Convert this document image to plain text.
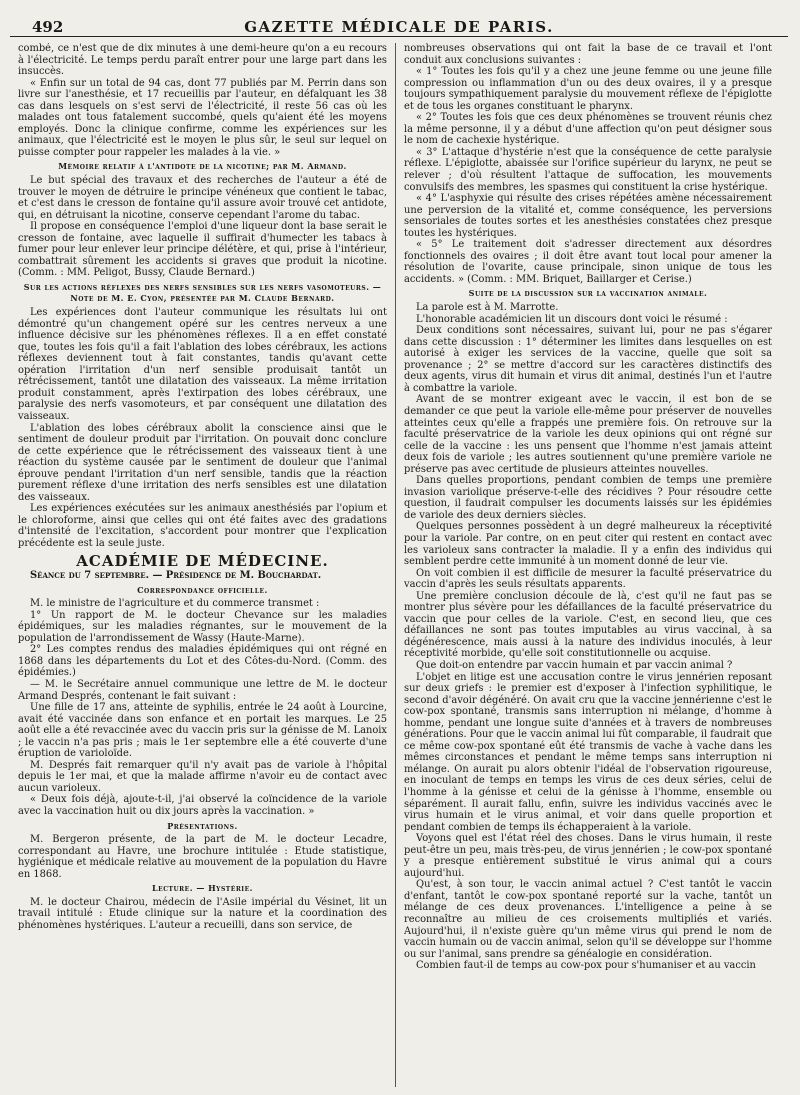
492	GAZETTE MÉDICALE DE PARIS.

combé, ce n'est que de dix minutes à une demi-heure qu'on a eu recours à l'électricité. Le temps perdu paraît entrer pour une large part dans les insuccès.

« Enfin sur un total de 94 cas, dont 77 publiés par M. Perrin dans son livre sur l'anesthésie, et 17 recueillis par l'auteur, en défalquant les 38 cas dans lesquels on s'est servi de l'électricité, il reste 56 cas où les malades ont tous fatalement succombé, quels qu'aient été les moyens employés. Donc la clinique confirme, comme les expériences sur les animaux, que l'électricité est le moyen le plus sûr, le seul sur lequel on puisse compter pour rappeler les malades à la vie. »

Mémoire relatif à l'antidote de la nicotine; par M. Armand.

Le but spécial des travaux et des recherches de l'auteur a été de trouver le moyen de détruire le principe vénéneux que contient le tabac, et c'est dans le cresson de fontaine qu'il assure avoir trouvé cet antidote, qui, en détruisant la nicotine, conserve cependant l'arome du tabac.

Il propose en conséquence l'emploi d'une liqueur dont la base serait le cresson de fontaine, avec laquelle il suffirait d'humecter les tabacs à fumer pour leur enlever leur principe délétère, et qui, prise à l'intérieur, combattrait sûrement les accidents si graves que produit la nicotine. (Comm. : MM. Peligot, Bussy, Claude Bernard.)

Sur les actions réflexes des nerfs sensibles sur les nerfs vasomoteurs. — Note de M. E. Cyon, présentée par M. Claude Bernard.

Les expériences dont l'auteur communique les résultats lui ont démontré qu'un changement opéré sur les centres nerveux a une influence décisive sur les phénomènes réflexes. Il a en effet constaté que, toutes les fois qu'il a fait l'ablation des lobes cérébraux, les actions réflexes deviennent tout à fait constantes, tandis qu'avant cette opération l'irritation d'un nerf sensible produisait tantôt un rétrécissement, tantôt une dilatation des vaisseaux. La même irritation produit constamment, après l'extirpation des lobes cérébraux, une paralysie des nerfs vasomoteurs, et par conséquent une dilatation des vaisseaux.

L'ablation des lobes cérébraux abolit la conscience ainsi que le sentiment de douleur produit par l'irritation. On pouvait donc conclure de cette expérience que le rétrécissement des vaisseaux tient à une réaction du système causée par le sentiment de douleur que l'animal éprouve pendant l'irritation d'un nerf sensible, tandis que la réaction purement réflexe d'une irritation des nerfs sensibles est une dilatation des vaisseaux.

Les expériences exécutées sur les animaux anesthésiés par l'opium et le chloroforme, ainsi que celles qui ont été faites avec des gradations d'intensité de l'excitation, s'accordent pour montrer que l'explication précédente est la seule juste.

ACADÉMIE DE MÉDECINE.
Séance du 7 septembre. — Présidence de M. Bouchardat.
Correspondance officielle.

M. le ministre de l'agriculture et du commerce transmet :

1° Un rapport de M. le docteur Chevance sur les maladies épidémiques, sur les maladies régnantes, sur le mouvement de la population de l'arrondissement de Wassy (Haute-Marne).

2° Les comptes rendus des maladies épidémiques qui ont régné en 1868 dans les départements du Lot et des Côtes-du-Nord. (Comm. des épidémies.)

— M. le Secrétaire annuel communique une lettre de M. le docteur Armand Després, contenant le fait suivant :

Une fille de 17 ans, atteinte de syphilis, entrée le 24 août à Lourcine, avait été vaccinée dans son enfance et en portait les marques. Le 25 août elle a été revaccinée avec du vaccin pris sur la génisse de M. Lanoix ; le vaccin n'a pas pris ; mais le 1er septembre elle a été couverte d'une éruption de varioloïde.

M. Després fait remarquer qu'il n'y avait pas de variole à l'hôpital depuis le 1er mai, et que la malade affirme n'avoir eu de contact avec aucun varioleux.

« Deux fois déjà, ajoute-t-il, j'ai observé la coïncidence de la variole avec la vaccination huit ou dix jours après la vaccination. »

Présentations.

M. Bergeron présente, de la part de M. le docteur Lecadre, correspondant au Havre, une brochure intitulée : Etude statistique, hygiénique et médicale relative au mouvement de la population du Havre en 1868.

Lecture. — Hystérie.

M. le docteur Chairou, médecin de l'Asile impérial du Vésinet, lit un travail intitulé : Etude clinique sur la nature et la coordination des phénomènes hystériques. L'auteur a recueilli, dans son service, de

nombreuses observations qui ont fait la base de ce travail et l'ont conduit aux conclusions suivantes :

« 1° Toutes les fois qu'il y a chez une jeune femme ou une jeune fille compression ou inflammation d'un ou des deux ovaires, il y a presque toujours sympathiquement paralysie du mouvement réflexe de l'épiglotte et de tous les organes constituant le pharynx.

« 2° Toutes les fois que ces deux phénomènes se trouvent réunis chez la même personne, il y a début d'une affection qu'on peut désigner sous le nom de cachexie hystérique.

« 3° L'attaque d'hystérie n'est que la conséquence de cette paralysie réflexe. L'épiglotte, abaissée sur l'orifice supérieur du larynx, ne peut se relever ; d'où résultent l'attaque de suffocation, les mouvements convulsifs des membres, les spasmes qui constituent la crise hystérique.

« 4° L'asphyxie qui résulte des crises répétées amène nécessairement une perversion de la vitalité et, comme conséquence, les perversions sensoriales de toutes sortes et les anesthésies constatées chez presque toutes les hystériques.

« 5° Le traitement doit s'adresser directement aux désordres fonctionnels des ovaires ; il doit être avant tout local pour amener la résolution de l'ovarite, cause principale, sinon unique de tous les accidents. » (Comm. : MM. Briquet, Baillarger et Cerise.)

Suite de la discussion sur la vaccination animale.

La parole est à M. Marrotte.

L'honorable académicien lit un discours dont voici le résumé :

Deux conditions sont nécessaires, suivant lui, pour ne pas s'égarer dans cette discussion : 1° déterminer les limites dans lesquelles on est autorisé à exiger les services de la vaccine, quelle que soit sa provenance ; 2° se mettre d'accord sur les caractères distinctifs des deux agents, virus dit humain et virus dit animal, destinés l'un et l'autre à combattre la variole.

Avant de se montrer exigeant avec le vaccin, il est bon de se demander ce que peut la variole elle-même pour préserver de nouvelles atteintes ceux qu'elle a frappés une première fois. On retrouve sur la faculté préservatrice de la variole les deux opinions qui ont régné sur celle de la vaccine : les uns pensent que l'homme n'est jamais atteint deux fois de variole ; les autres soutiennent qu'une première variole ne préserve pas avec certitude de plusieurs atteintes nouvelles.

Dans quelles proportions, pendant combien de temps une première invasion variolique préserve-t-elle des récidives ? Pour résoudre cette question, il faudrait compulser les documents laissés sur les épidémies de variole des deux derniers siècles.

Quelques personnes possèdent à un degré malheureux la réceptivité pour la variole. Par contre, on en peut citer qui restent en contact avec les varioleux sans contracter la maladie. Il y a enfin des individus qui semblent perdre cette immunité à un moment donné de leur vie.

On voit combien il est difficile de mesurer la faculté préservatrice du vaccin d'après les seuls résultats apparents.

Une première conclusion découle de là, c'est qu'il ne faut pas se montrer plus sévère pour les défaillances de la faculté préservatrice du vaccin que pour celles de la variole. C'est, en second lieu, que ces défaillances ne sont pas toutes imputables au virus vaccinal, à sa dégénérescence, mais aussi à la nature des individus inoculés, à leur réceptivité morbide, qu'elle soit constitutionnelle ou acquise.

Que doit-on entendre par vaccin humain et par vaccin animal ?

L'objet en litige est une accusation contre le virus jennérien reposant sur deux griefs : le premier est d'exposer à l'infection syphilitique, le second d'avoir dégénéré. On avait cru que la vaccine jennérienne c'est le cow-pox spontané, transmis sans interruption ni mélange, d'homme à homme, pendant une longue suite d'années et à travers de nombreuses générations. Pour que le vaccin animal lui fût comparable, il faudrait que ce même cow-pox spontané eût été transmis de vache à vache dans les mêmes circonstances et pendant le même temps sans interruption ni mélange. On aurait pu alors obtenir l'idéal de l'observation rigoureuse, en inoculant de temps en temps les virus de ces deux séries, celui de l'homme à la génisse et celui de la génisse à l'homme, ensemble ou séparément. Il aurait fallu, enfin, suivre les individus vaccinés avec le virus humain et le virus animal, et voir dans quelle proportion et pendant combien de temps ils échapperaient à la variole.

Voyons quel est l'état réel des choses. Dans le virus humain, il reste peut-être un peu, mais très-peu, de virus jennérien ; le cow-pox spontané y a presque entièrement substitué le virus animal qui a cours aujourd'hui.

Qu'est, à son tour, le vaccin animal actuel ? C'est tantôt le vaccin d'enfant, tantôt le cow-pox spontané reporté sur la vache, tantôt un mélange de ces deux provenances. L'intelligence a peine à se reconnaître au milieu de ces croisements multipliés et variés. Aujourd'hui, il n'existe guère qu'un même virus qui prend le nom de vaccin humain ou de vaccin animal, selon qu'il se développe sur l'homme ou sur l'animal, sans prendre sa généalogie en considération.

Combien faut-il de temps au cow-pox pour s'humaniser et au vaccin
